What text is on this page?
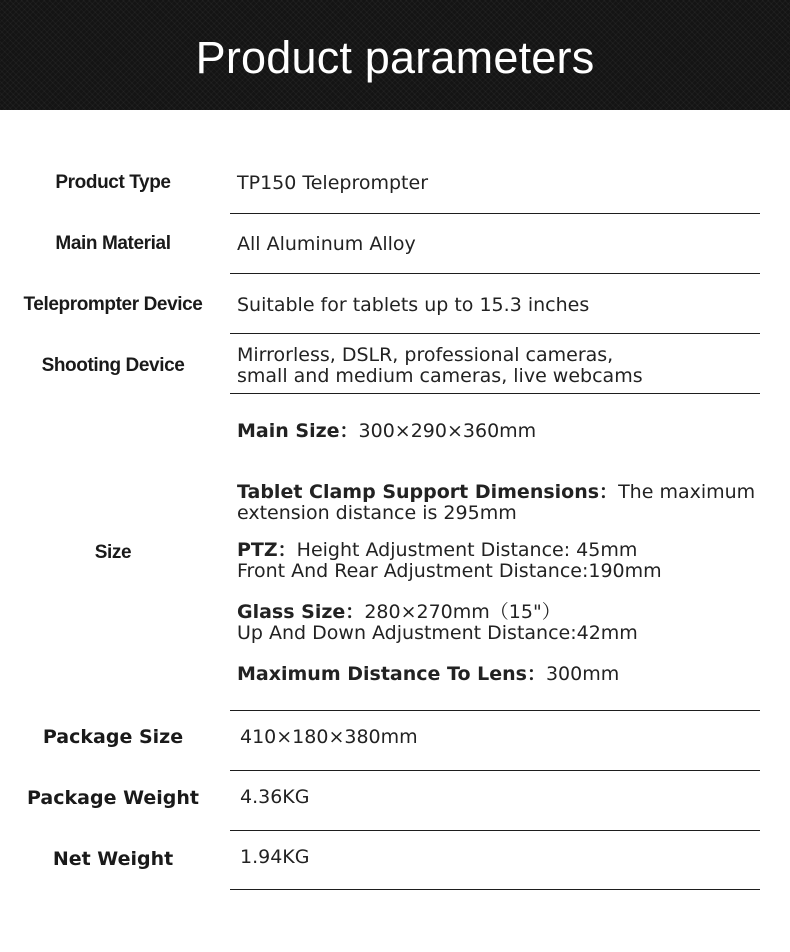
Product parameters
Product Type	TP150 Teleprompter
Main Material	All Aluminum Alloy
Teleprompter Device	Suitable for tablets up to 15.3 inches
Shooting Device	Mirrorless, DSLR, professional cameras,
small and medium cameras, live webcams
Size
Main Size：300×290×360mm
Tablet Clamp Support Dimensions：The maximum
extension distance is 295mm
PTZ：Height Adjustment Distance: 45mm
Front And Rear Adjustment Distance:190mm
Glass Size：280×270mm（15"）
Up And Down Adjustment Distance:42mm
Maximum Distance To Lens：300mm
Package Size	410×180×380mm
Package Weight	4.36KG
Net Weight	1.94KG
